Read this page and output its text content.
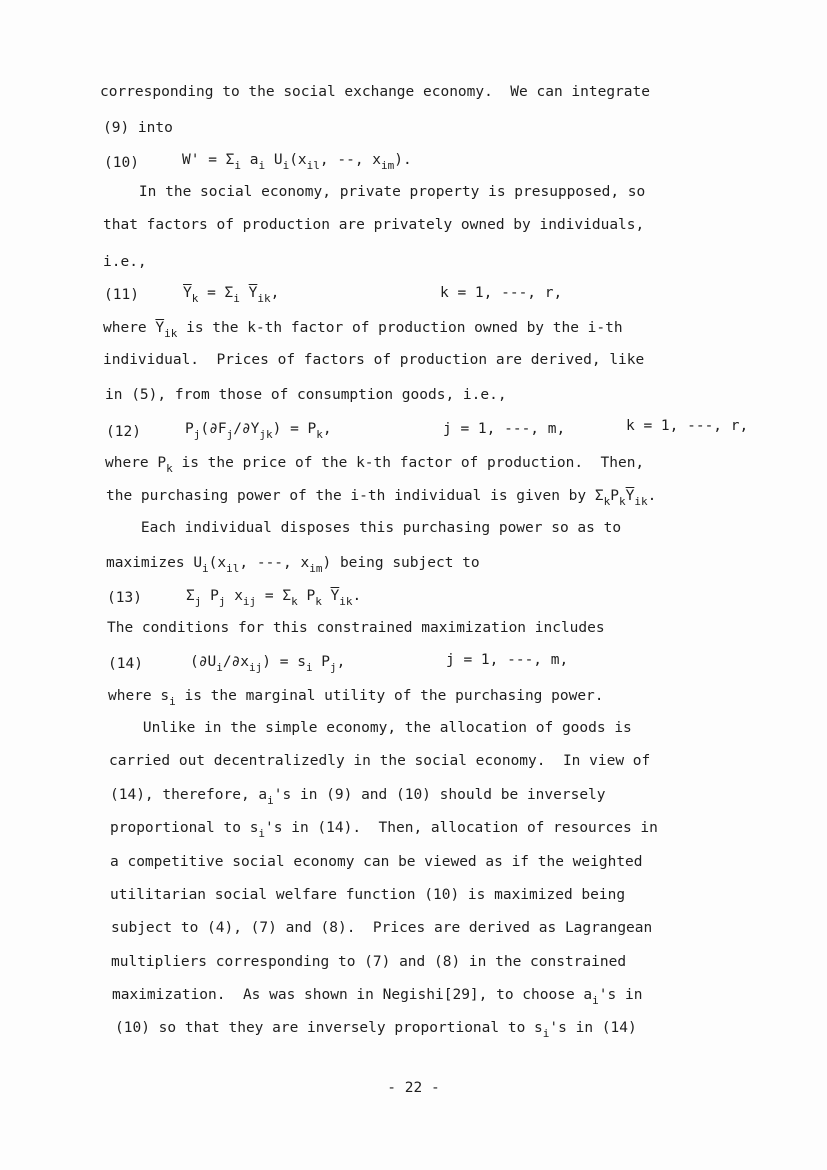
corresponding to the social exchange economy.  We can integrate
(9) into
(10)	$W' = \Sigma_i$ $a_i$ $U_i(x_{il}$, --, $x_{im}$).
In the social economy, private property is presupposed, so
that factors of production are privately owned by individuals,
i.e.,
(11)	$\overline{Y}_k = \Sigma_i$ $\overline{Y}_{ik}$,	k = 1, ---, r,
where $\overline{Y}_{ik}$ is the k-th factor of production owned by the i-th
individual.  Prices of factors of production are derived, like
in (5), from those of consumption goods, i.e.,
(12)	$P_j(\partial F_j/\partial Y_{jk}) = P_k$,	j = 1, ---, m,	k = 1, ---, r,
where $P_k$ is the price of the k-th factor of production.  Then,
the purchasing power of the i-th individual is given by $\Sigma_kP_k\overline{Y}_{ik}$.
Each individual disposes this purchasing power so as to
maximizes $U_i(x_{il}$, ---, $x_{im}$) being subject to
(13)	$\Sigma_j$ $P_j$ $x_{ij} = \Sigma_k$ $P_k$ $\overline{Y}_{ik}$.
The conditions for this constrained maximization includes
(14)	$(\partial U_i/\partial x_{ij}) = s_i$ $P_j$,	j = 1, ---, m,
where $s_i$ is the marginal utility of the purchasing power.
Unlike in the simple economy, the allocation of goods is
carried out decentralizedly in the social economy.  In view of
(14), therefore, $a_i's$ in (9) and (10) should be inversely
proportional to $s_i's$ in (14).  Then, allocation of resources in
a competitive social economy can be viewed as if the weighted
utilitarian social welfare function (10) is maximized being
subject to (4), (7) and (8).  Prices are derived as Lagrangean
multipliers corresponding to (7) and (8) in the constrained
maximization.  As was shown in Negishi[29], to choose $a_i's$ in
(10) so that they are inversely proportional to $s_i's$ in (14)
- 22 -
